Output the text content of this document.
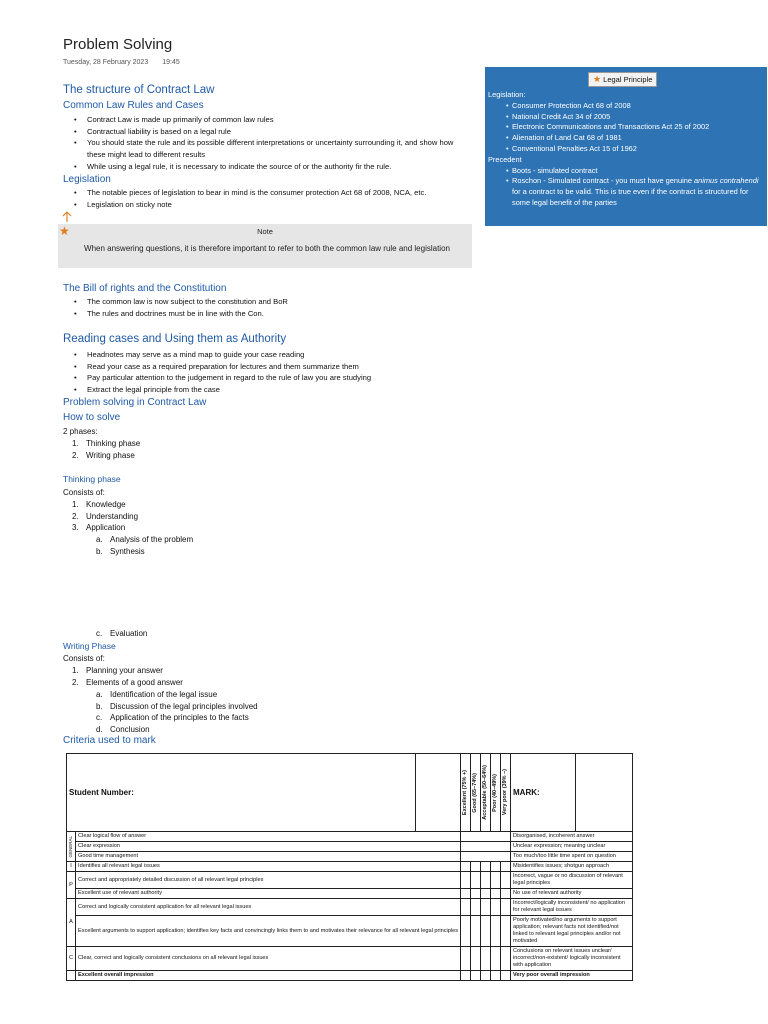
Problem Solving
Tuesday, 28 February 2023 19:45
The structure of Contract Law
Common Law Rules and Cases
• Contract Law is made up primarily of common law rules
• Contractual liability is based on a legal rule
• You should state the rule and its possible different interpretations or uncertainty surrounding it, and show how these might lead to different results
• While using a legal rule, it is necessary to indicate the source of or the authority fir the rule.
Legislation
• The notable pieces of legislation to bear in mind is the consumer protection Act 68 of 2008, NCA, etc.
• Legislation on sticky note
★	Note
When answering questions, it is therefore important to refer to both the common law rule and legislation
★ Legal Principle
Legislation:
• Consumer Protection Act 68 of 2008
• National Credit Act 34 of 2005
• Electronic Communications and Transactions Act 25 of 2002
• Alienation of Land Cat 68 of 1981
• Conventional Penalties Act 15 of 1962
Precedent
• Boots - simulated contract
• Roschon - Simulated contract - you must have genuine animus contrahendi for a contract to be valid. This is true even if the contract is structured for some legal benefit of the parties
The Bill of rights and the Constitution
• The common law is now subject to the constitution and BoR
• The rules and doctrines must be in line with the Con.
Reading cases and Using them as Authority
• Headnotes may serve as a mind map to guide your case reading
• Read your case as a required preparation for lectures and them summarize them
• Pay particular attention to the judgement in regard to the rule of law you are studying
• Extract the legal principle from the case
Problem solving in Contract Law
How to solve
2 phases:
1. Thinking phase
2. Writing phase
Thinking phase
Consists of:
1. Knowledge
2. Understanding
3. Application
a. Analysis of the problem
b. Synthesis
c. Evaluation
Writing Phase
Consists of:
1. Planning your answer
2. Elements of a good answer
a. Identification of the legal issue
b. Discussion of the legal principles involved
c. Application of the principles to the facts
d. Conclusion
Criteria used to mark
Student Number:			Excellent (75% +)	Good (65–74%)	Acceptable (50–64%)	Poor (40–49%)	Very poor (39% –)	MARK:	

GENERAL	Clear logical flow of answer							Disorganised, incoherent answer	
	Clear expression							Unclear expression; meaning unclear	
	Good time management							Too much/too little time spent on question	
I	Identifies all relevant legal issues							Misidentifies issues; shotgun approach	
P	Correct and appropriately detailed discussion of all relevant legal principles							Incorrect, vague or no discussion of relevant legal principles	
	Excellent use of relevant authority							No use of relevant authority	
A	Correct and logically consistent application for all relevant legal issues							Incorrect/logically inconsistent/ no application for relevant legal issues	
	Excellent arguments to support application; identifies key facts and convincingly links them to and motivates their relevance for all relevant legal principles							Poorly motivated/no arguments to support application; relevant facts not identified/not linked to relevant legal principles and/or not motivated	
C	Clear, correct and logically consistent conclusions on all relevant legal issues							Conclusions on relevant issues unclear/ incorrect/non-existent/ logically inconsistent with application	
	Excellent overall impression							Very poor overall impression	
